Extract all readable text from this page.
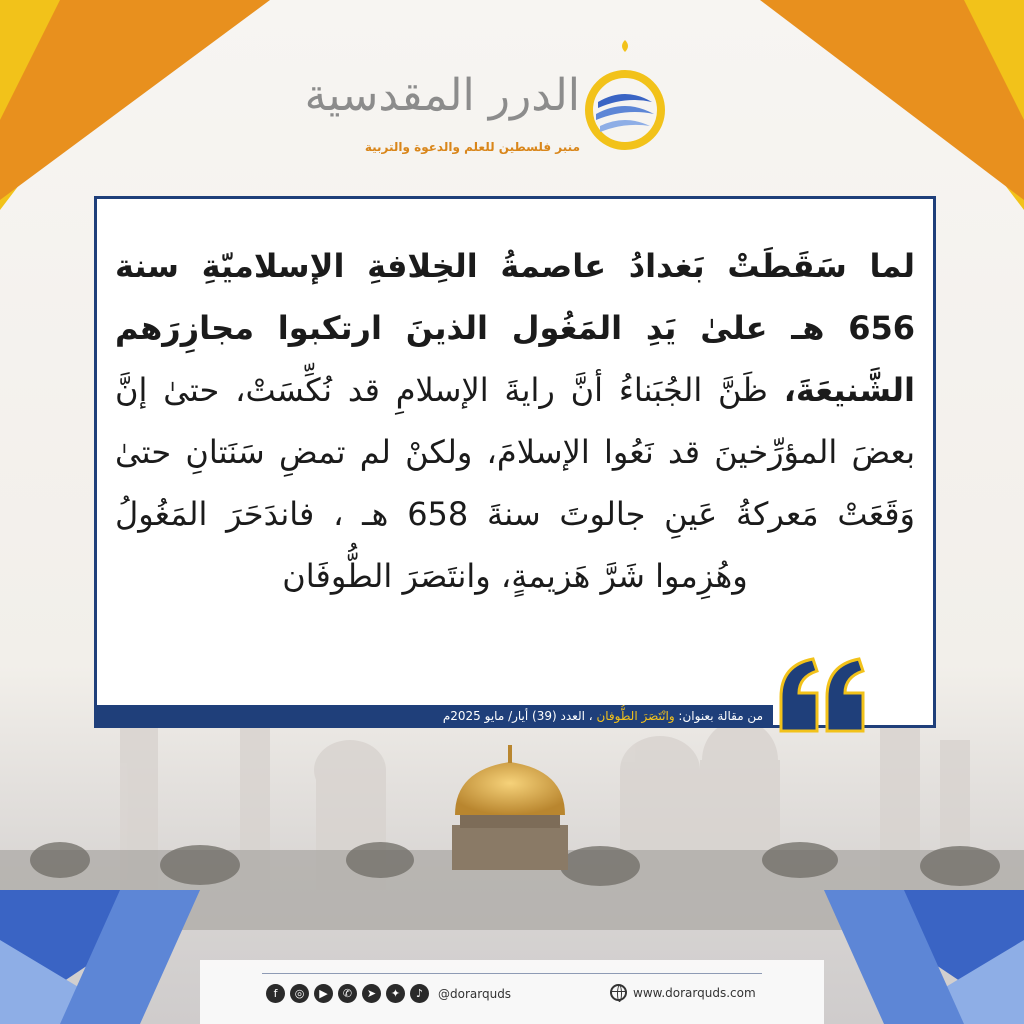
الدرر المقدسية
منبر فلسطين للعلم والدعوة والتربية

لما سَقَطَتْ بَغدادُ عاصمةُ الخِلافةِ الإسلاميّةِ سنة 656 هـ علىٰ يَدِ المَغُول الذينَ ارتكبوا مجازِرَهم الشَّنيعَةَ، ظَنَّ الجُبَناءُ أنَّ رايةَ الإسلامِ قد نُكِّسَتْ، حتىٰ إنَّ بعضَ المؤرِّخينَ قد نَعُوا الإسلامَ، ولكنْ لم تمضِ سَنَتانِ حتىٰ وَقَعَتْ مَعركةُ عَينِ جالوتَ سنةَ 658 هـ ، فاندَحَرَ المَغُولُ وهُزِموا شَرَّ هَزيمةٍ، وانتَصَرَ الطُّوفَان

من مقالة بعنوان: وانْتَصَرَ الطُّوفان ، العدد (39) أيار/ مايو 2025م
f	◎	▶	✆	➤	✦	♪	@dorarquds	www.dorarquds.com
